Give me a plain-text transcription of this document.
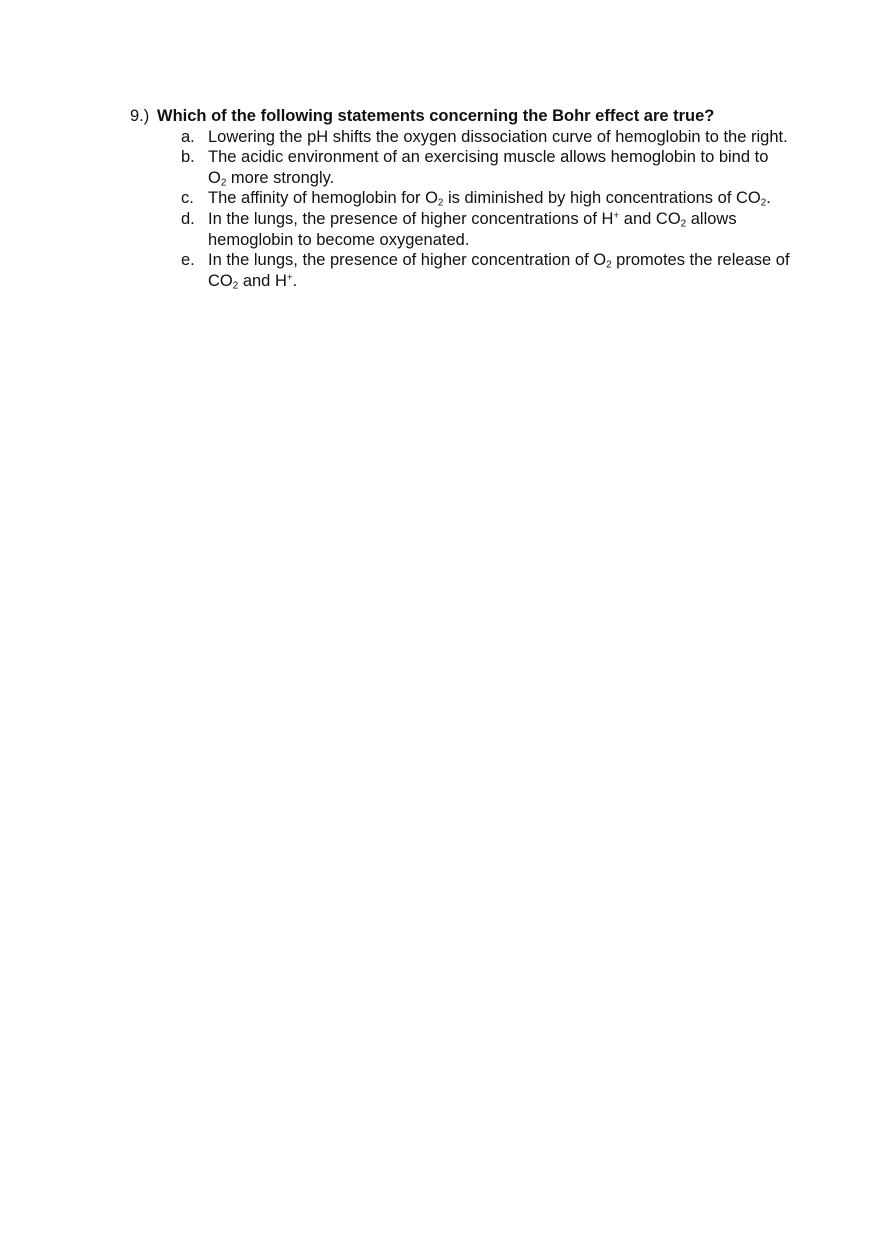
9.) Which of the following statements concerning the Bohr effect are true?
a. Lowering the pH shifts the oxygen dissociation curve of hemoglobin to the right.
b. The acidic environment of an exercising muscle allows hemoglobin to bind to $O_2$ more strongly.
c. The affinity of hemoglobin for $O_2$ is diminished by high concentrations of $CO_2$.
d. In the lungs, the presence of higher concentrations of H+ and $CO_2$ allows hemoglobin to become oxygenated.
e. In the lungs, the presence of higher concentration of $O_2$ promotes the release of $CO_2$ and H+.
